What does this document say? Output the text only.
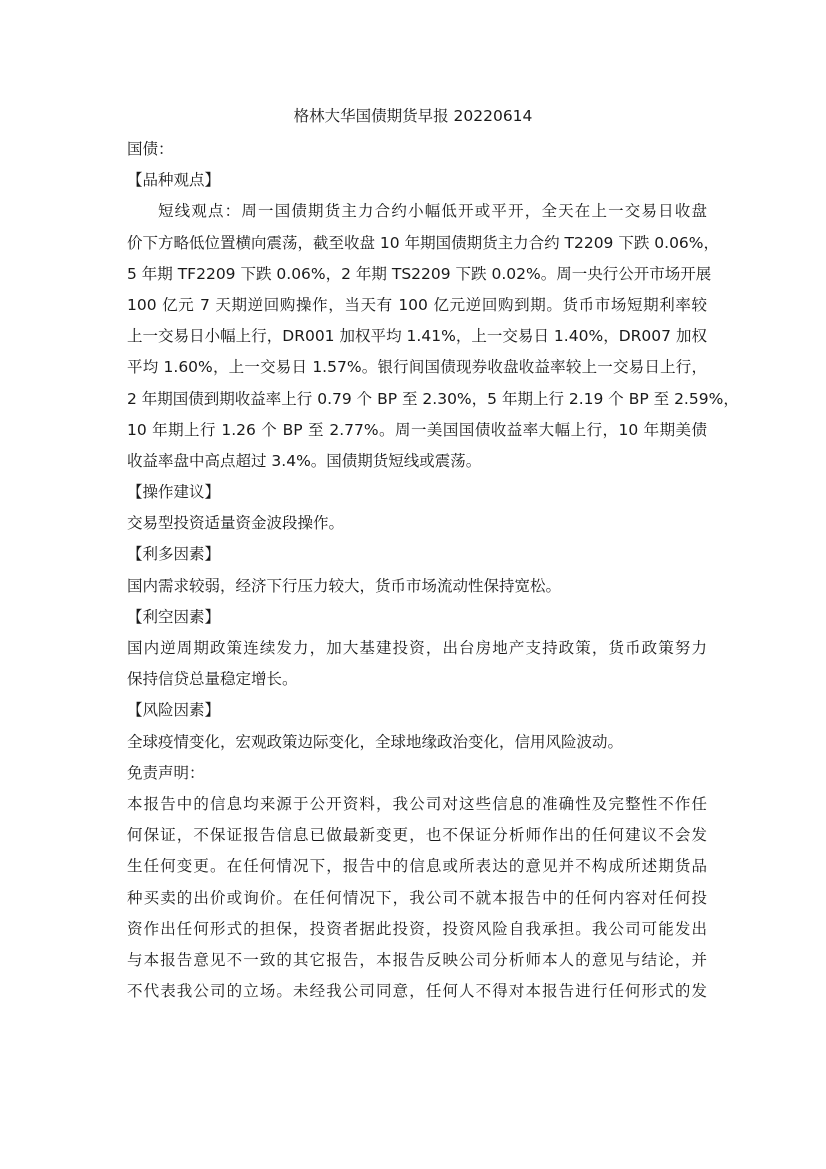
格林大华国债期货早报 20220614
国债：
【品种观点】
短线观点：周一国债期货主力合约小幅低开或平开，全天在上一交易日收盘
价下方略低位置横向震荡，截至收盘 10 年期国债期货主力合约 T2209 下跌 0.06%，
5 年期 TF2209 下跌 0.06%，2 年期 TS2209 下跌 0.02%。周一央行公开市场开展
100 亿元 7 天期逆回购操作，当天有 100 亿元逆回购到期。货币市场短期利率较
上一交易日小幅上行，DR001 加权平均 1.41%，上一交易日 1.40%，DR007 加权
平均 1.60%，上一交易日 1.57%。银行间国债现券收盘收益率较上一交易日上行，
2 年期国债到期收益率上行 0.79 个 BP 至 2.30%，5 年期上行 2.19 个 BP 至 2.59%，
10 年期上行 1.26 个 BP 至 2.77%。周一美国国债收益率大幅上行，10 年期美债
收益率盘中高点超过 3.4%。国债期货短线或震荡。
【操作建议】
交易型投资适量资金波段操作。
【利多因素】
国内需求较弱，经济下行压力较大，货币市场流动性保持宽松。
【利空因素】
国内逆周期政策连续发力，加大基建投资，出台房地产支持政策，货币政策努力
保持信贷总量稳定增长。
【风险因素】
全球疫情变化，宏观政策边际变化，全球地缘政治变化，信用风险波动。
免责声明：
本报告中的信息均来源于公开资料，我公司对这些信息的准确性及完整性不作任
何保证，不保证报告信息已做最新变更，也不保证分析师作出的任何建议不会发
生任何变更。在任何情况下，报告中的信息或所表达的意见并不构成所述期货品
种买卖的出价或询价。在任何情况下，我公司不就本报告中的任何内容对任何投
资作出任何形式的担保，投资者据此投资，投资风险自我承担。我公司可能发出
与本报告意见不一致的其它报告，本报告反映公司分析师本人的意见与结论，并
不代表我公司的立场。未经我公司同意，任何人不得对本报告进行任何形式的发
